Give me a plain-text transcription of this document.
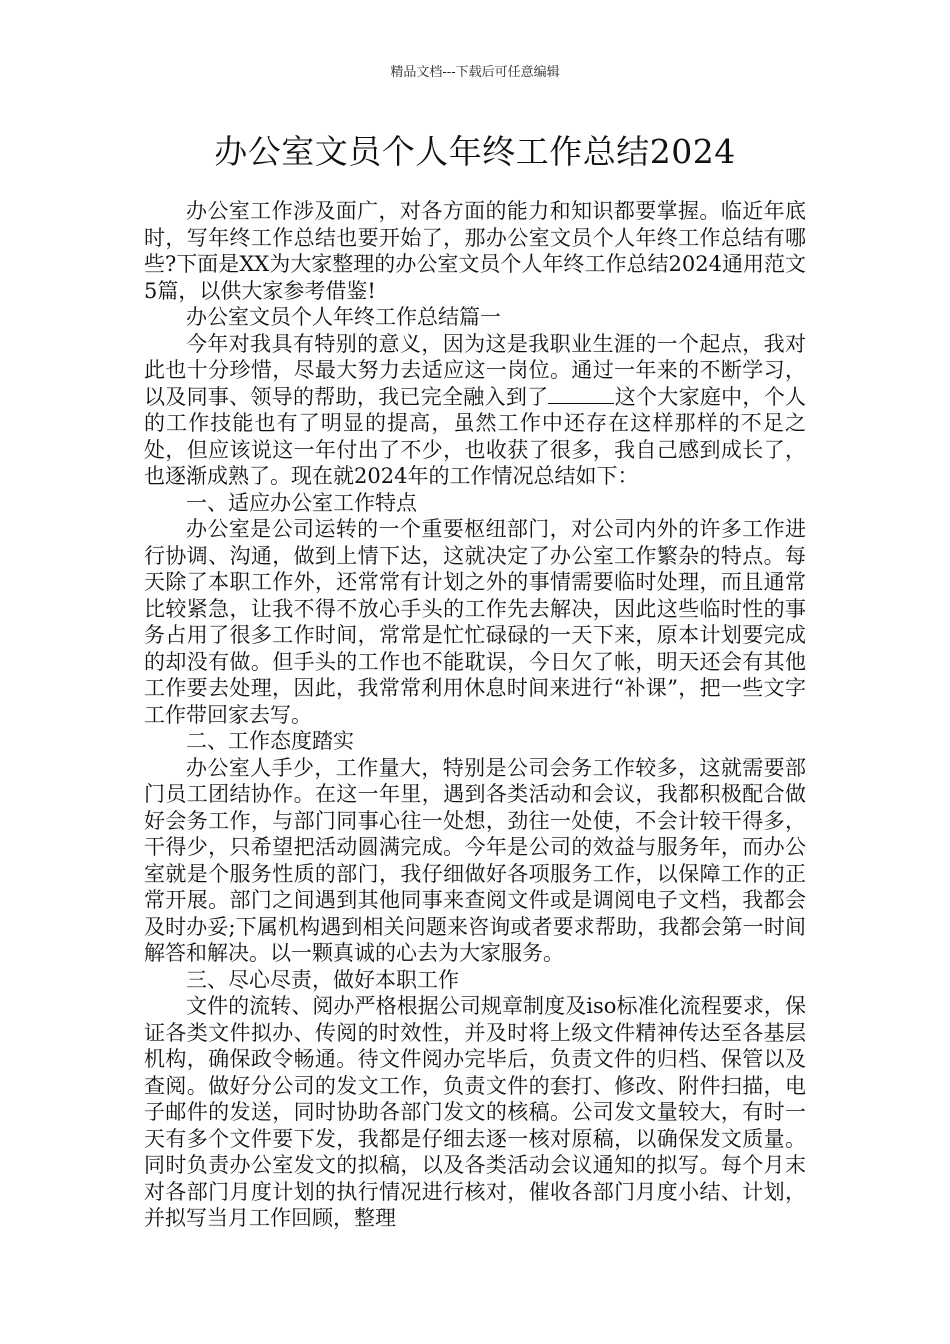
精品文档---下载后可任意编辑
办公室文员个人年终工作总结2024

办公室工作涉及面广，对各方面的能力和知识都要掌握。临近年底时，写年终工作总结也要开始了，那办公室文员个人年终工作总结有哪些?下面是XX为大家整理的办公室文员个人年终工作总结2024通用范文5篇，以供大家参考借鉴!

办公室文员个人年终工作总结篇一

今年对我具有特别的意义，因为这是我职业生涯的一个起点，我对此也十分珍惜，尽最大努力去适应这一岗位。通过一年来的不断学习，以及同事、领导的帮助，我已完全融入到了	这个大家庭中，个人的工作技能也有了明显的提高，虽然工作中还存在这样那样的不足之处，但应该说这一年付出了不少，也收获了很多，我自己感到成长了，也逐渐成熟了。现在就2024年的工作情况总结如下：

一、适应办公室工作特点

办公室是公司运转的一个重要枢纽部门，对公司内外的许多工作进行协调、沟通，做到上情下达，这就决定了办公室工作繁杂的特点。每天除了本职工作外，还常常有计划之外的事情需要临时处理，而且通常比较紧急，让我不得不放心手头的工作先去解决，因此这些临时性的事务占用了很多工作时间，常常是忙忙碌碌的一天下来，原本计划要完成的却没有做。但手头的工作也不能耽误，今日欠了帐，明天还会有其他工作要去处理，因此，我常常利用休息时间来进行“补课”，把一些文字工作带回家去写。

二、工作态度踏实

办公室人手少，工作量大，特别是公司会务工作较多，这就需要部门员工团结协作。在这一年里，遇到各类活动和会议，我都积极配合做好会务工作，与部门同事心往一处想，劲往一处使，不会计较干得多，干得少，只希望把活动圆满完成。今年是公司的效益与服务年，而办公室就是个服务性质的部门，我仔细做好各项服务工作，以保障工作的正常开展。部门之间遇到其他同事来查阅文件或是调阅电子文档，我都会及时办妥;下属机构遇到相关问题来咨询或者要求帮助，我都会第一时间解答和解决。以一颗真诚的心去为大家服务。

三、尽心尽责，做好本职工作

文件的流转、阅办严格根据公司规章制度及iso标准化流程要求，保证各类文件拟办、传阅的时效性，并及时将上级文件精神传达至各基层机构，确保政令畅通。待文件阅办完毕后，负责文件的归档、保管以及查阅。做好分公司的发文工作，负责文件的套打、修改、附件扫描，电子邮件的发送，同时协助各部门发文的核稿。公司发文量较大，有时一天有多个文件要下发，我都是仔细去逐一核对原稿，以确保发文质量。同时负责办公室发文的拟稿，以及各类活动会议通知的拟写。每个月末对各部门月度计划的执行情况进行核对，催收各部门月度小结、计划，并拟写当月工作回顾，整理
